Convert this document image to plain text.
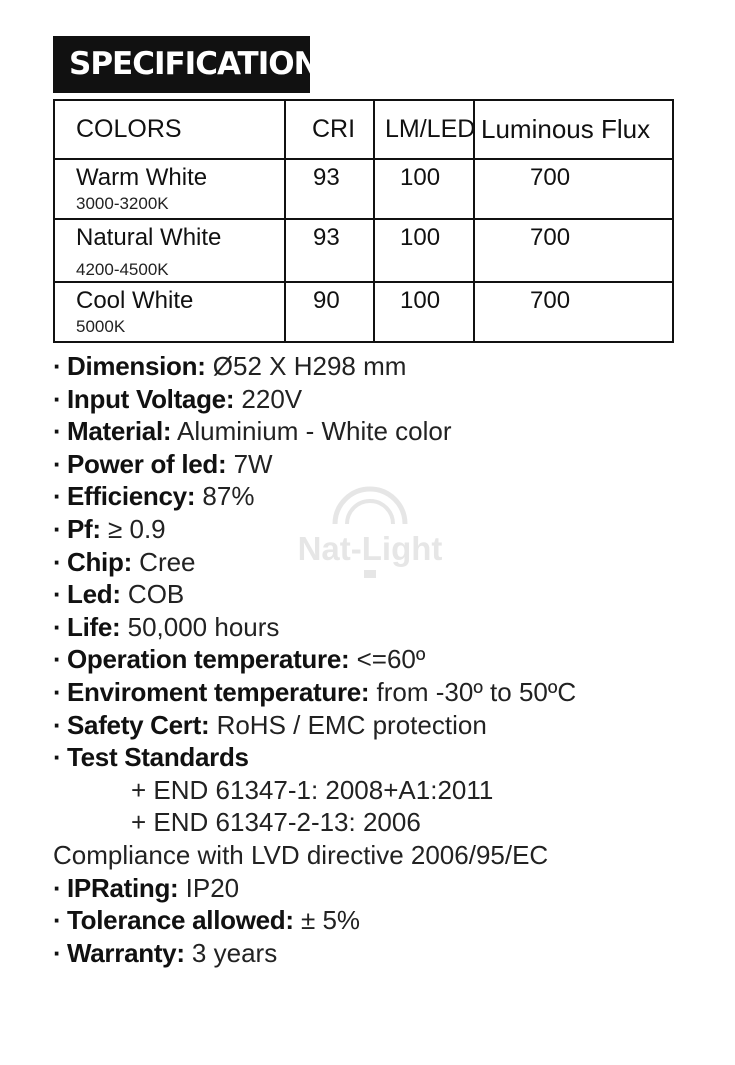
SPECIFICATION
COLORS	CRI	LM/LED	Luminous Flux

Warm White
3000-3200K	93	100	700

Natural White
4200-4500K	93	100	700

Cool White
5000K	90	100	700
Nat-Light
· Dimension: Ø52 X H298 mm
· Input Voltage: 220V
· Material: Aluminium - White color
· Power of led: 7W
· Efficiency: 87%
· Pf: ≥ 0.9
· Chip: Cree
· Led: COB
· Life: 50,000 hours
· Operation temperature: <=60º
· Enviroment temperature: from -30º to 50ºC
· Safety Cert: RoHS / EMC protection
· Test Standards
+ END 61347-1: 2008+A1:2011
+ END 61347-2-13: 2006
Compliance with LVD directive 2006/95/EC
· IPRating: IP20
· Tolerance allowed: ± 5%
· Warranty: 3 years
